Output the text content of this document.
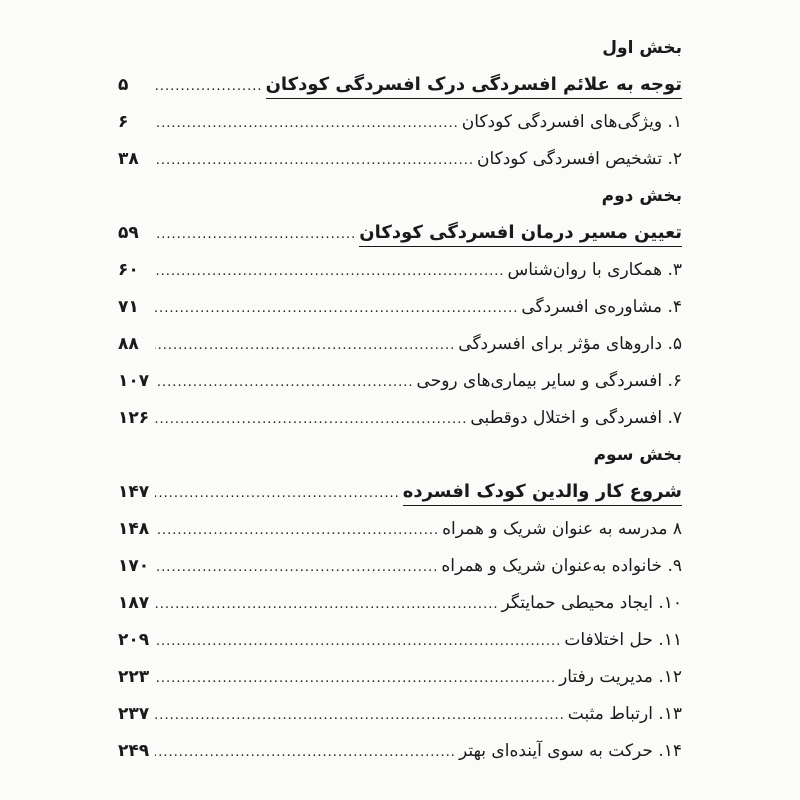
بخش اول
توجه به علائم افسردگی درک افسردگی کودکان
.....
۵
۱. ویژگی‌های افسردگی کودکان
.....
۶
۲. تشخیص افسردگی کودکان
.....
۳۸
بخش دوم
تعیین مسیر درمان افسردگی کودکان
.....
۵۹
۳. همکاری با روان‌شناس
.....
۶۰
۴. مشاوره‌ی افسردگی
.....
۷۱
۵. داروهای مؤثر برای افسردگی
.....
۸۸
۶. افسردگی و سایر بیماری‌های روحی
.....
۱۰۷
۷. افسردگی و اختلال دوقطبی
.....
۱۲۶
بخش سوم
شروع کار والدین کودک افسرده
.....
۱۴۷
۸ مدرسه به عنوان شریک و همراه
.....
۱۴۸
۹. خانواده به‌عنوان شریک و همراه
.....
۱۷۰
۱۰. ایجاد محیطی حمایتگر
.....
۱۸۷
۱۱. حل اختلافات
.....
۲۰۹
۱۲. مدیریت رفتار
.....
۲۲۳
۱۳. ارتباط مثبت
.....
۲۳۷
۱۴. حرکت به سوی آینده‌ای بهتر
.....
۲۴۹
